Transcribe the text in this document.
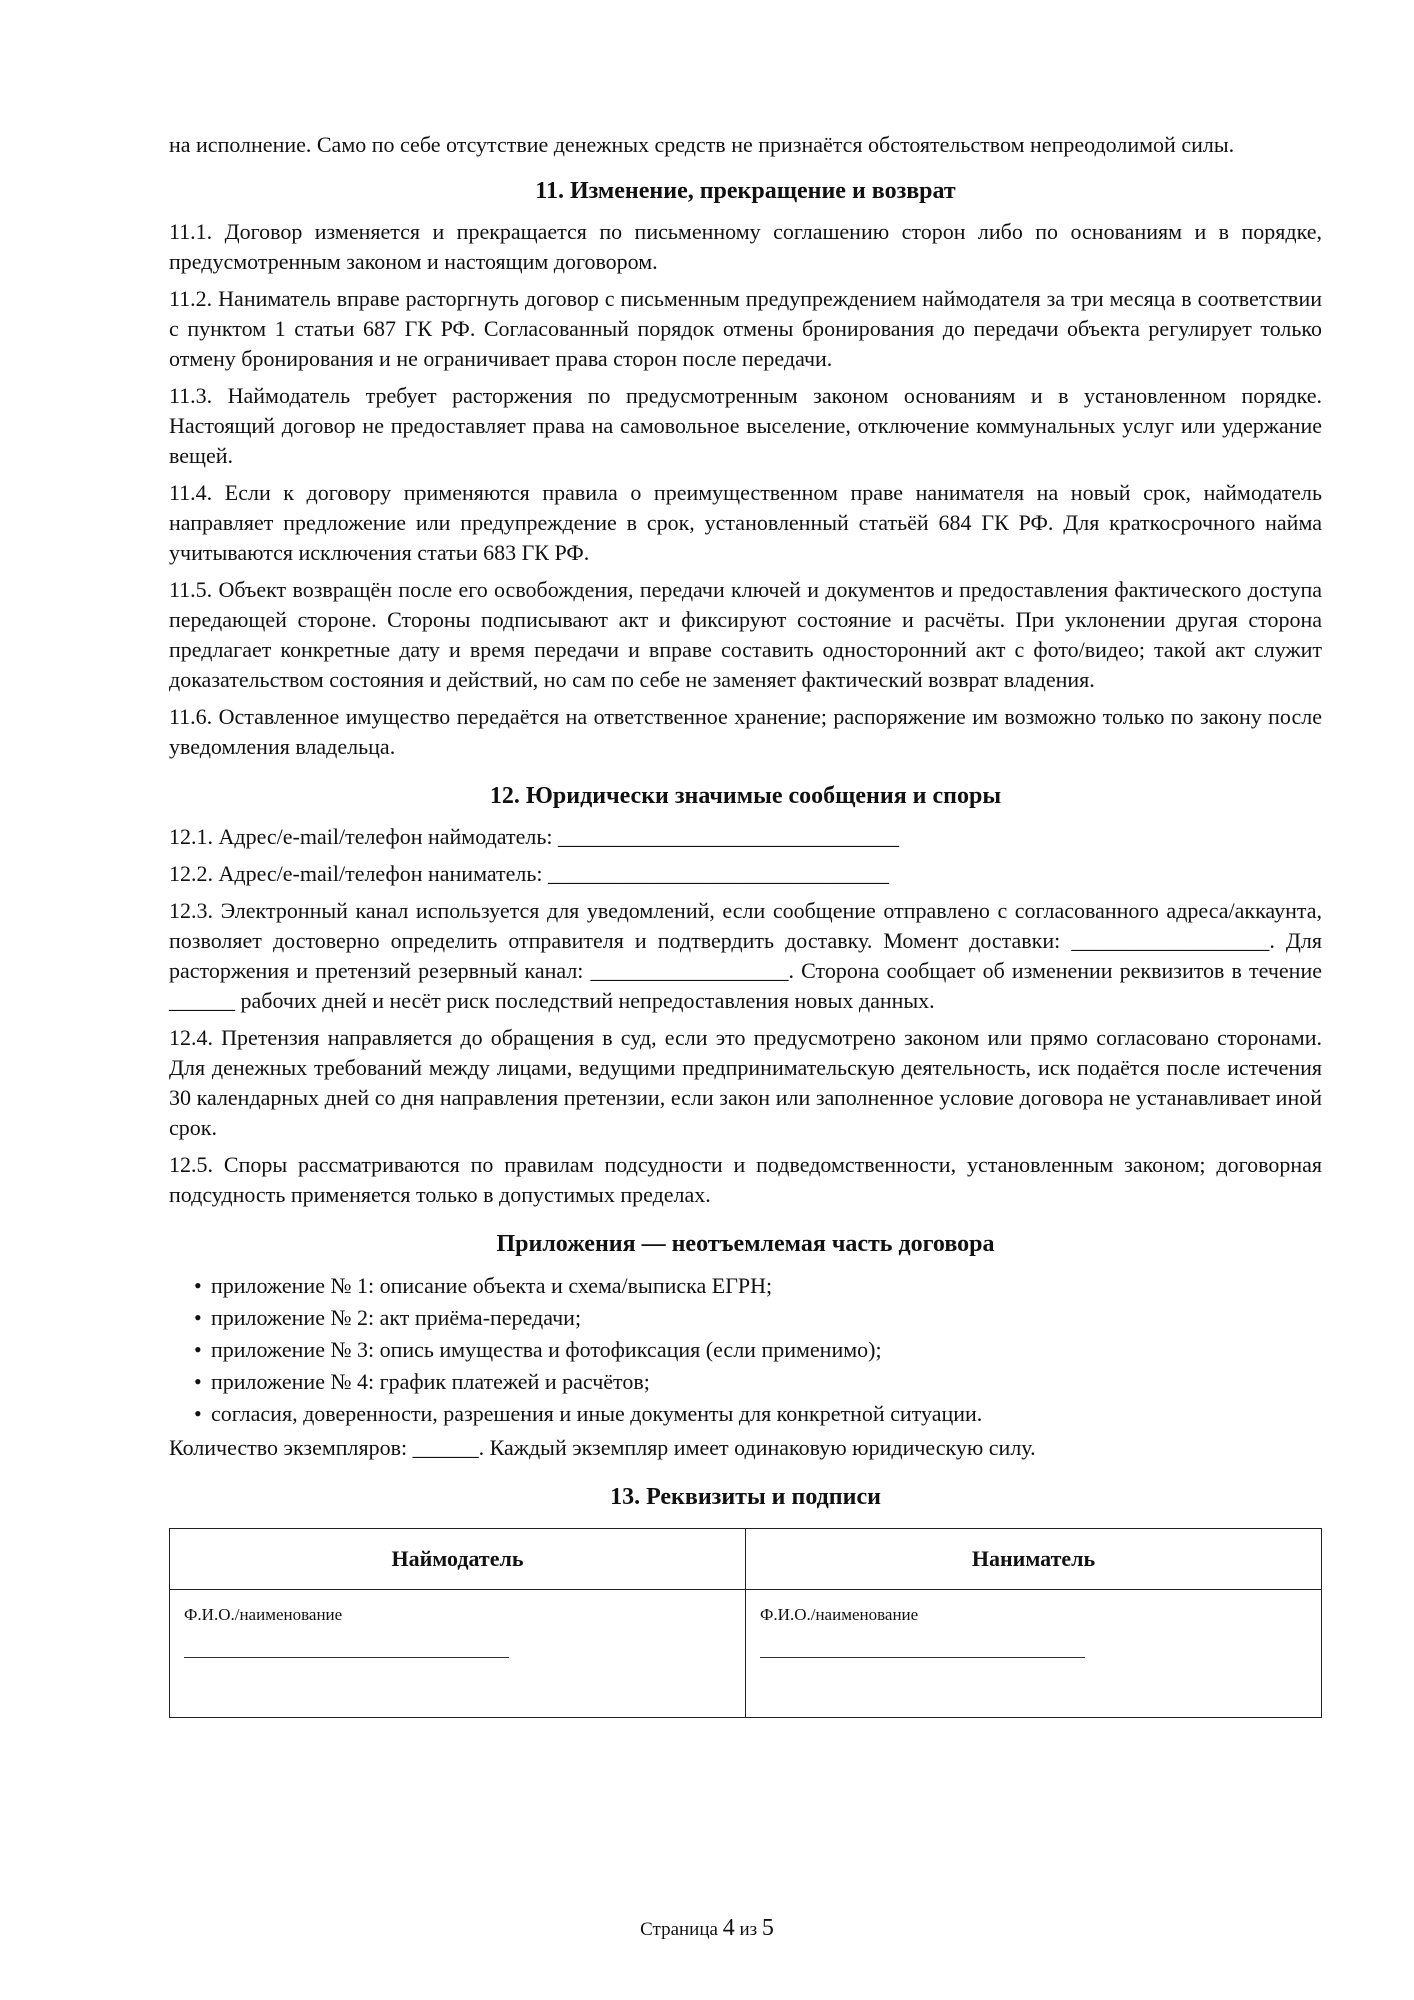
на исполнение. Само по себе отсутствие денежных средств не признаётся обстоятельством непреодолимой силы.

11. Изменение, прекращение и возврат

11.1. Договор изменяется и прекращается по письменному соглашению сторон либо по основаниям и в порядке, предусмотренным законом и настоящим договором.

11.2. Наниматель вправе расторгнуть договор с письменным предупреждением наймодателя за три месяца в соответствии с пунктом 1 статьи 687 ГК РФ. Согласованный порядок отмены бронирования до передачи объекта регулирует только отмену бронирования и не ограничивает права сторон после передачи.

11.3. Наймодатель требует расторжения по предусмотренным законом основаниям и в установленном порядке. Настоящий договор не предоставляет права на самовольное выселение, отключение коммунальных услуг или удержание вещей.

11.4. Если к договору применяются правила о преимущественном праве нанимателя на новый срок, наймодатель направляет предложение или предупреждение в срок, установленный статьёй 684 ГК РФ. Для краткосрочного найма учитываются исключения статьи 683 ГК РФ.

11.5. Объект возвращён после его освобождения, передачи ключей и документов и предоставления фактического доступа передающей стороне. Стороны подписывают акт и фиксируют состояние и расчёты. При уклонении другая сторона предлагает конкретные дату и время передачи и вправе составить односторонний акт с фото/видео; такой акт служит доказательством состояния и действий, но сам по себе не заменяет фактический возврат владения.

11.6. Оставленное имущество передаётся на ответственное хранение; распоряжение им возможно только по закону после уведомления владельца.

12. Юридически значимые сообщения и споры

12.1. Адрес/e-mail/телефон наймодатель: _______________________________

12.2. Адрес/e-mail/телефон наниматель: _______________________________

12.3. Электронный канал используется для уведомлений, если сообщение отправлено с согласованного адреса/аккаунта, позволяет достоверно определить отправителя и подтвердить доставку. Момент доставки: __________________. Для расторжения и претензий резервный канал: __________________. Сторона сообщает об изменении реквизитов в течение ______ рабочих дней и несёт риск последствий непредоставления новых данных.

12.4. Претензия направляется до обращения в суд, если это предусмотрено законом или прямо согласовано сторонами. Для денежных требований между лицами, ведущими предпринимательскую деятельность, иск подаётся после истечения 30 календарных дней со дня направления претензии, если закон или заполненное условие договора не устанавливает иной срок.

12.5. Споры рассматриваются по правилам подсудности и подведомственности, установленным законом; договорная подсудность применяется только в допустимых пределах.

Приложения — неотъемлемая часть договора
• приложение № 1: описание объекта и схема/выписка ЕГРН;
• приложение № 2: акт приёма-передачи;
• приложение № 3: опись имущества и фотофиксация (если применимо);
• приложение № 4: график платежей и расчётов;
• согласия, доверенности, разрешения и иные документы для конкретной ситуации.

Количество экземпляров: ______. Каждый экземпляр имеет одинаковую юридическую силу.

13. Реквизиты и подписи
Наймодатель	Наниматель

Ф.И.О./наименование	Ф.И.О./наименование
Страница 4 из 5
